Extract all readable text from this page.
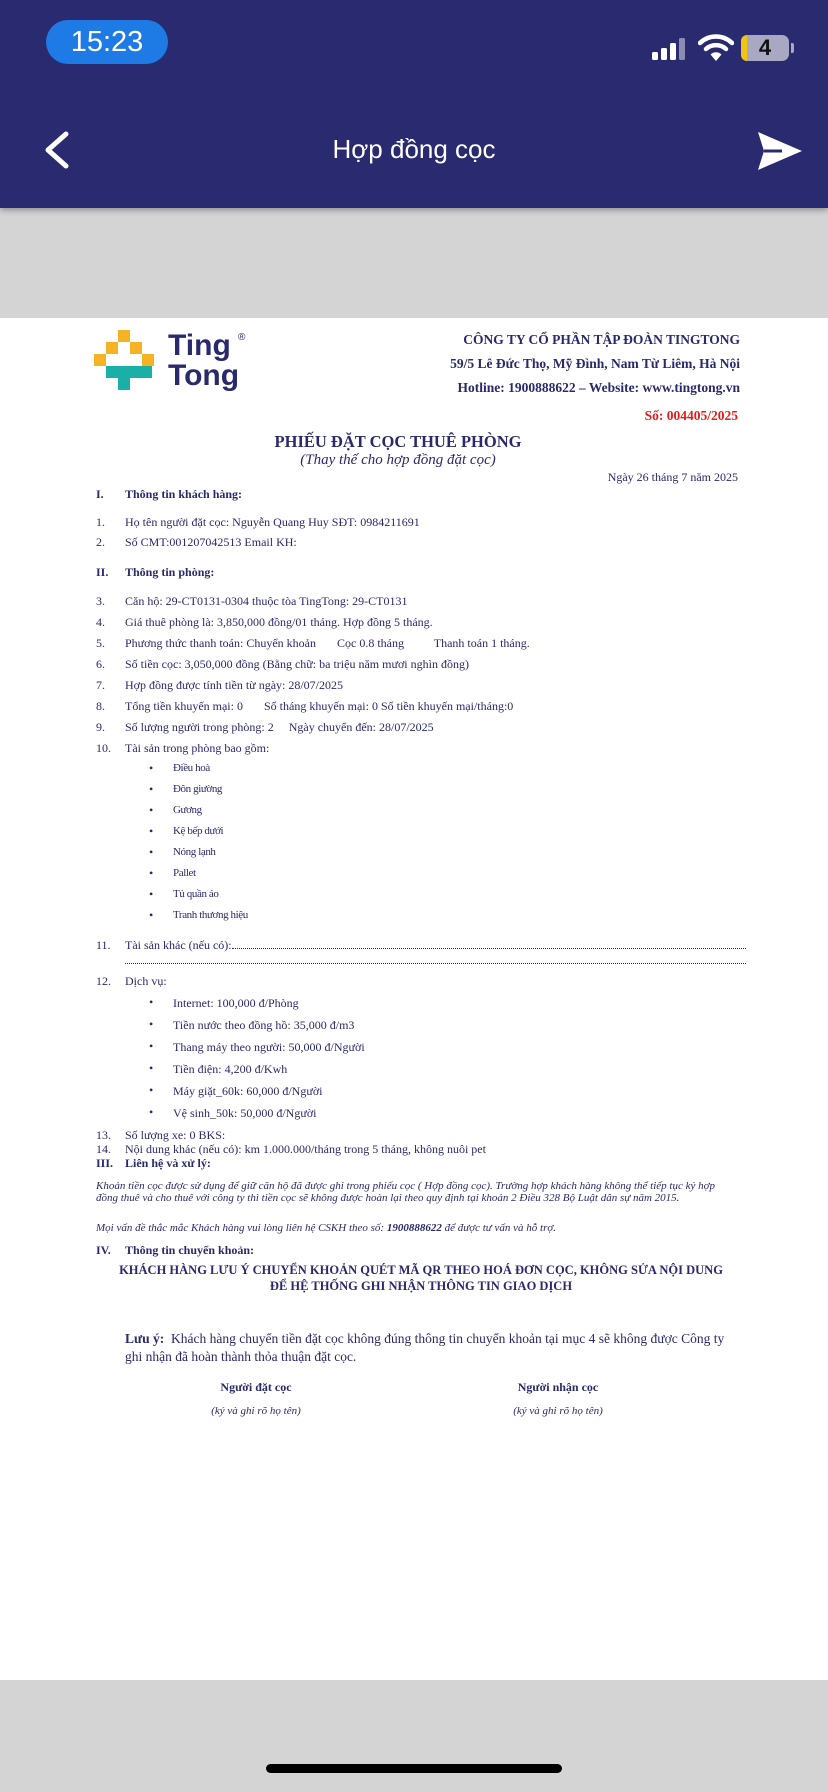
15:23	4
Hợp đồng cọc
Ting ®
Tong
CÔNG TY CỔ PHẦN TẬP ĐOÀN TINGTONG
59/5 Lê Đức Thọ, Mỹ Đình, Nam Từ Liêm, Hà Nội
Hotline: 1900888622 – Website: www.tingtong.vn
Số: 004405/2025
PHIẾU ĐẶT CỌC THUÊ PHÒNG
(Thay thế cho hợp đồng đặt cọc)
Ngày 26 tháng 7 năm 2025
I. Thông tin khách hàng:
1. Họ tên người đặt cọc: Nguyễn Quang Huy SĐT: 0984211691
2. Số CMT:001207042513 Email KH:
II. Thông tin phòng:
3. Căn hộ: 29-CT0131-0304 thuộc tòa TingTong: 29-CT0131
4. Giá thuê phòng là: 3,850,000 đồng/01 tháng. Hợp đồng 5 tháng.
5. Phương thức thanh toán: Chuyển khoản       Cọc 0.8 tháng          Thanh toán 1 tháng.
6. Số tiền cọc: 3,050,000 đồng (Bằng chữ: ba triệu năm mươi nghìn đồng)
7. Hợp đồng được tính tiền từ ngày: 28/07/2025
8. Tổng tiền khuyến mại: 0       Số tháng khuyến mại: 0 Số tiền khuyến mại/tháng:0
9. Số lượng người trong phòng: 2     Ngày chuyển đến: 28/07/2025
10. Tài sản trong phòng bao gồm:
• Điều hoà
• Đôn giường
• Gương
• Kệ bếp dưới
• Nóng lạnh
• Pallet
• Tủ quần áo
• Tranh thương hiệu
11. Tài sản khác (nếu có):
12. Dịch vụ:
• Internet: 100,000 đ/Phòng
• Tiền nước theo đồng hồ: 35,000 đ/m3
• Thang máy theo người: 50,000 đ/Người
• Tiền điện: 4,200 đ/Kwh
• Máy giặt_60k: 60,000 đ/Người
• Vệ sinh_50k: 50,000 đ/Người
13. Số lượng xe: 0 BKS:
14. Nội dung khác (nếu có): km 1.000.000/tháng trong 5 tháng, không nuôi pet
III. Liên hệ và xử lý:
Khoản tiền cọc được sử dụng để giữ căn hộ đã được ghi trong phiếu cọc ( Hợp đồng cọc). Trường hợp khách hàng không thể tiếp tục ký hợp đồng thuê và cho thuê với công ty thì tiền cọc sẽ không được hoàn lại theo quy định tại khoản 2 Điều 328 Bộ Luật dân sự năm 2015.
Mọi vấn đề thắc mắc Khách hàng vui lòng liên hệ CSKH theo số: 1900888622 để được tư vấn và hỗ trợ.
IV. Thông tin chuyển khoản:
KHÁCH HÀNG LƯU Ý CHUYỂN KHOẢN QUÉT MÃ QR THEO HOÁ ĐƠN CỌC, KHÔNG SỬA NỘI DUNG
ĐỂ HỆ THỐNG GHI NHẬN THÔNG TIN GIAO DỊCH
Lưu ý:  Khách hàng chuyển tiền đặt cọc không đúng thông tin chuyển khoản tại mục 4 sẽ không được Công ty ghi nhận đã hoàn thành thỏa thuận đặt cọc.
Người đặt cọc
(ký và ghi rõ họ tên)
Người nhận cọc
(ký và ghi rõ họ tên)
